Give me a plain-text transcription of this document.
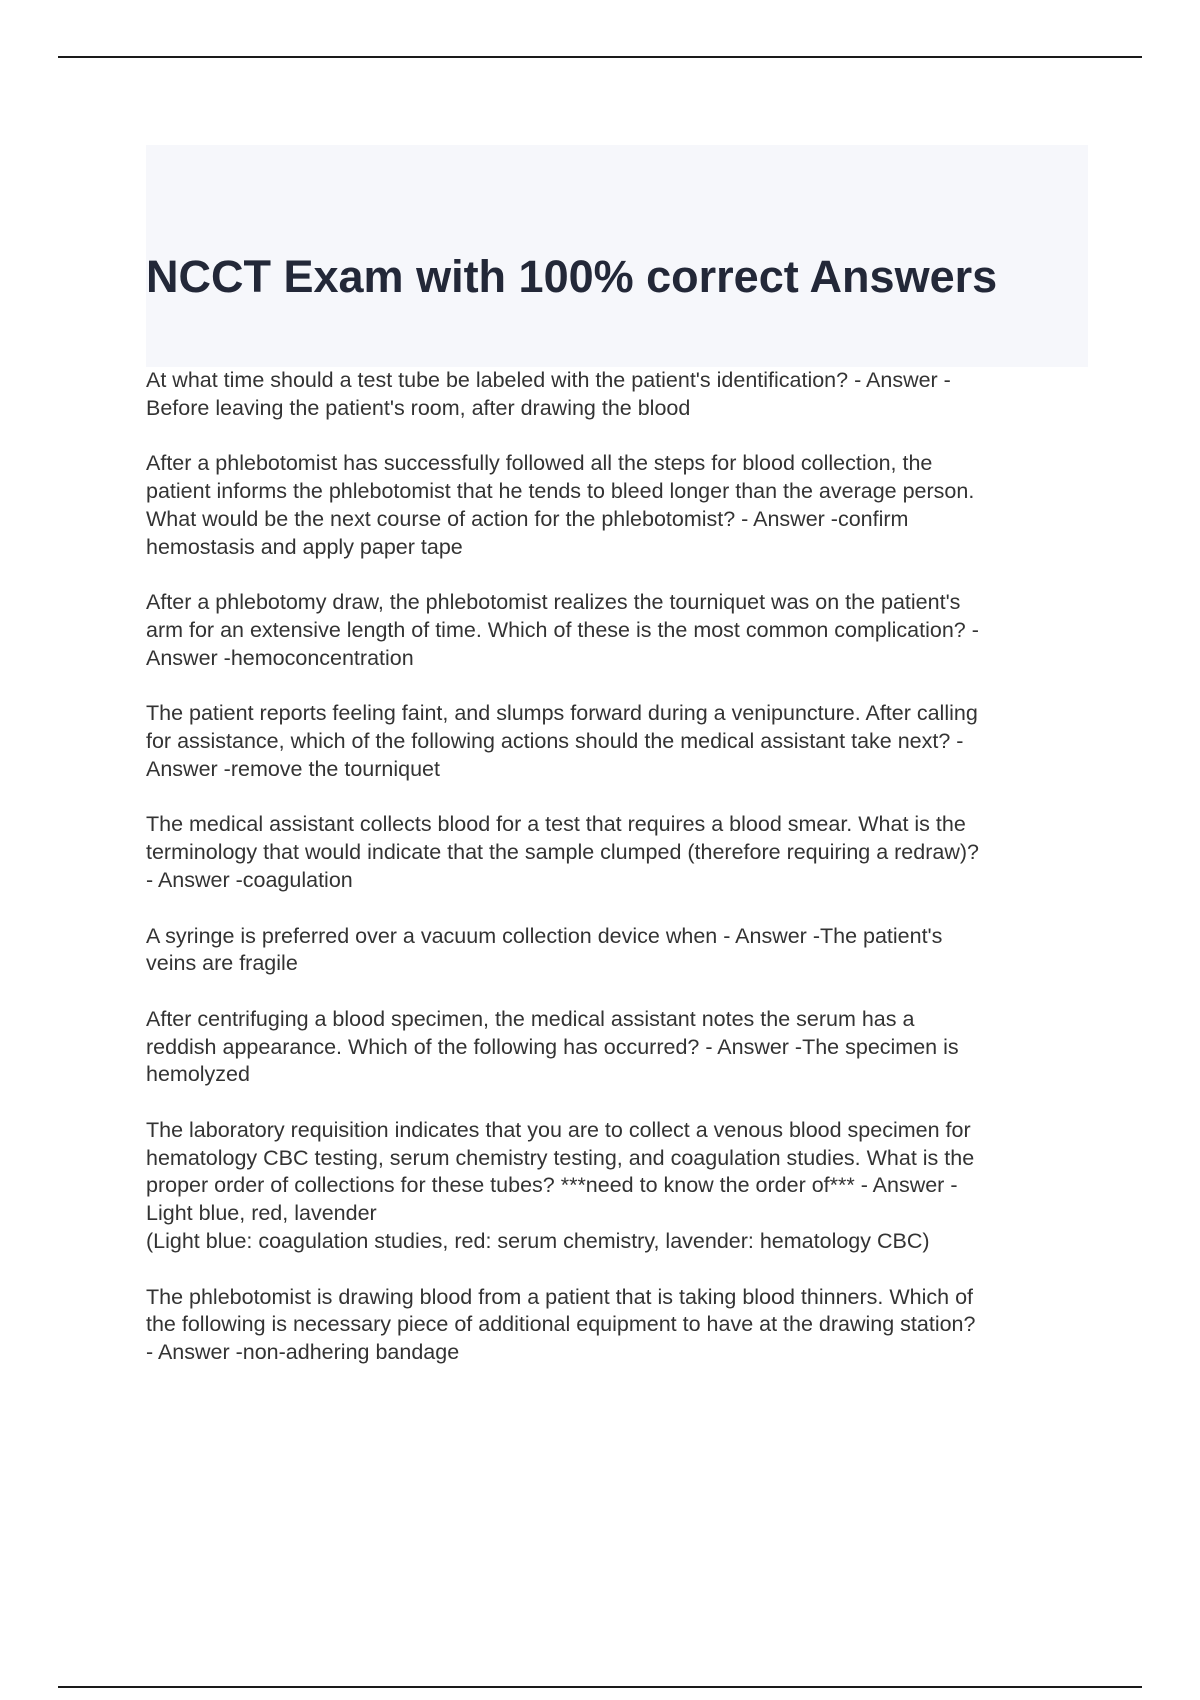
NCCT Exam with 100% correct Answers

At what time should a test tube be labeled with the patient's identification? - Answer -
Before leaving the patient's room, after drawing the blood

After a phlebotomist has successfully followed all the steps for blood collection, the
patient informs the phlebotomist that he tends to bleed longer than the average person.
What would be the next course of action for the phlebotomist? - Answer -confirm
hemostasis and apply paper tape

After a phlebotomy draw, the phlebotomist realizes the tourniquet was on the patient's
arm for an extensive length of time. Which of these is the most common complication? -
Answer -hemoconcentration

The patient reports feeling faint, and slumps forward during a venipuncture. After calling
for assistance, which of the following actions should the medical assistant take next? -
Answer -remove the tourniquet

The medical assistant collects blood for a test that requires a blood smear. What is the
terminology that would indicate that the sample clumped (therefore requiring a redraw)?
- Answer -coagulation

A syringe is preferred over a vacuum collection device when - Answer -The patient's
veins are fragile

After centrifuging a blood specimen, the medical assistant notes the serum has a
reddish appearance. Which of the following has occurred? - Answer -The specimen is
hemolyzed

The laboratory requisition indicates that you are to collect a venous blood specimen for
hematology CBC testing, serum chemistry testing, and coagulation studies. What is the
proper order of collections for these tubes? ***need to know the order of*** - Answer -
Light blue, red, lavender
(Light blue: coagulation studies, red: serum chemistry, lavender: hematology CBC)

The phlebotomist is drawing blood from a patient that is taking blood thinners. Which of
the following is necessary piece of additional equipment to have at the drawing station?
- Answer -non-adhering bandage
